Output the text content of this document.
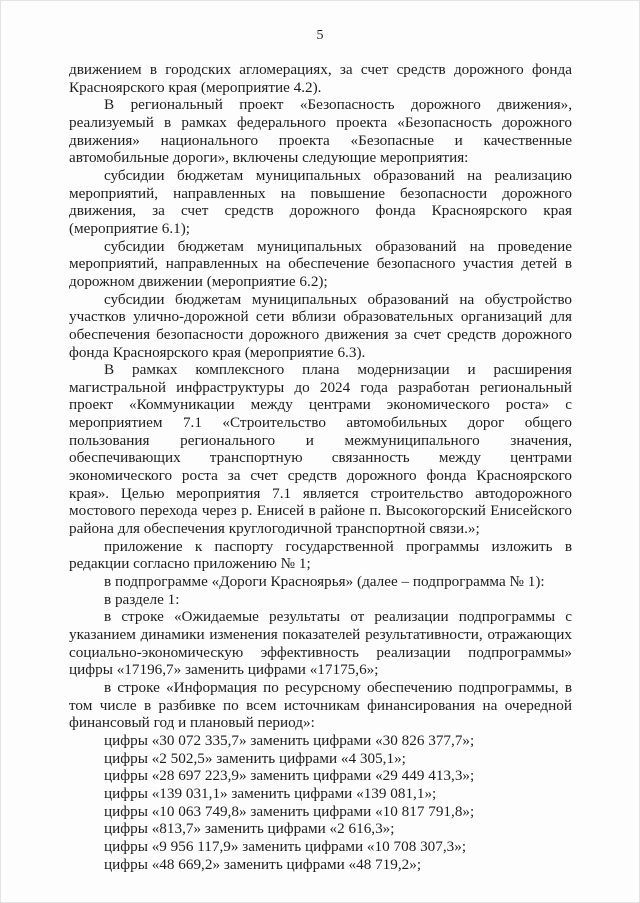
5

движением в городских агломерациях, за счет средств дорожного фонда Красноярского края (мероприятие 4.2).

В региональный проект «Безопасность дорожного движения», реализуемый в рамках федерального проекта «Безопасность дорожного движения» национального проекта «Безопасные и качественные автомобильные дороги», включены следующие мероприятия:

субсидии бюджетам муниципальных образований на реализацию мероприятий, направленных на повышение безопасности дорожного движения, за счет средств дорожного фонда Красноярского края (мероприятие 6.1);

субсидии бюджетам муниципальных образований на проведение мероприятий, направленных на обеспечение безопасного участия детей в дорожном движении (мероприятие 6.2);

субсидии бюджетам муниципальных образований на обустройство участков улично-дорожной сети вблизи образовательных организаций для обеспечения безопасности дорожного движения за счет средств дорожного фонда Красноярского края (мероприятие 6.3).

В рамках комплексного плана модернизации и расширения магистральной инфраструктуры до 2024 года разработан региональный проект «Коммуникации между центрами экономического роста» с мероприятием 7.1 «Строительство автомобильных дорог общего пользования регионального и межмуниципального значения, обеспечивающих транспортную связанность между центрами экономического роста за счет средств дорожного фонда Красноярского края». Целью мероприятия 7.1 является строительство автодорожного мостового перехода через р. Енисей в районе п. Высокогорский Енисейского района для обеспечения круглогодичной транспортной связи.»;

приложение к паспорту государственной программы изложить в редакции согласно приложению № 1;

в подпрограмме «Дороги Красноярья» (далее – подпрограмма № 1):

в разделе 1:

в строке «Ожидаемые результаты от реализации подпрограммы с указанием динамики изменения показателей результативности, отражающих социально-экономическую эффективность реализации подпрограммы» цифры «17196,7» заменить цифрами «17175,6»;

в строке «Информация по ресурсному обеспечению подпрограммы, в том числе в разбивке по всем источникам финансирования на очередной финансовый год и плановый период»:

цифры «30 072 335,7» заменить цифрами «30 826 377,7»;

цифры «2 502,5» заменить цифрами «4 305,1»;

цифры «28 697 223,9» заменить цифрами «29 449 413,3»;

цифры «139 031,1» заменить цифрами «139 081,1»;

цифры «10 063 749,8» заменить цифрами «10 817 791,8»;

цифры «813,7» заменить цифрами «2 616,3»;

цифры «9 956 117,9» заменить цифрами «10 708 307,3»;

цифры «48 669,2» заменить цифрами «48 719,2»;
